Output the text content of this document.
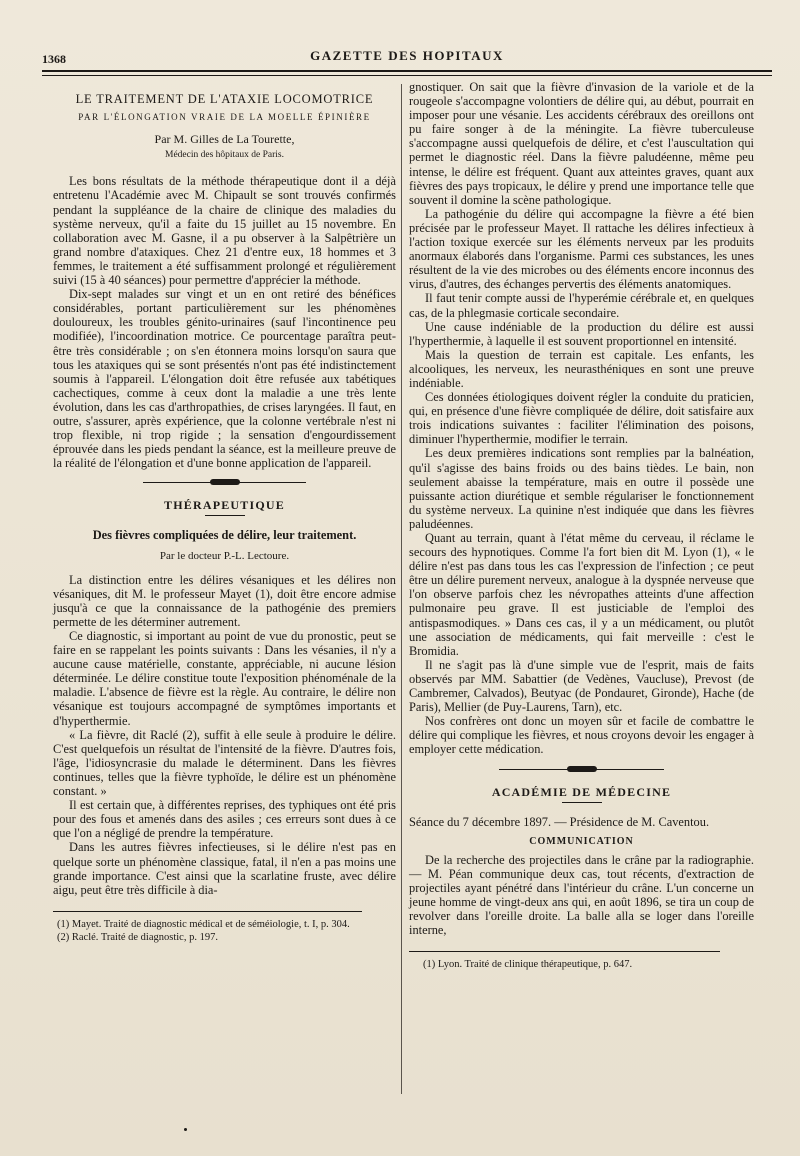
1368	GAZETTE DES HOPITAUX
LE TRAITEMENT DE L'ATAXIE LOCOMOTRICE
PAR L'ÉLONGATION VRAIE DE LA MOELLE ÉPINIÈRE
Par M. Gilles de La Tourette,
Médecin des hôpitaux de Paris.

Les bons résultats de la méthode thérapeutique dont il a déjà entretenu l'Académie avec M. Chipault se sont trouvés confirmés pendant la suppléance de la chaire de clinique des maladies du système nerveux, qu'il a faite du 15 juillet au 15 novembre. En collaboration avec M. Gasne, il a pu observer à la Salpêtrière un grand nombre d'ataxiques. Chez 21 d'entre eux, 18 hommes et 3 femmes, le traitement a été suffisamment prolongé et régulièrement suivi (15 à 40 séances) pour permettre d'apprécier la méthode.

Dix-sept malades sur vingt et un en ont retiré des bénéfices considérables, portant particulièrement sur les phénomènes douloureux, les troubles génito-urinaires (sauf l'incontinence peu modifiée), l'incoordination motrice. Ce pourcentage paraîtra peut-être très considérable ; on s'en étonnera moins lorsqu'on saura que tous les ataxiques qui se sont présentés n'ont pas été indistinctement soumis à l'appareil. L'élongation doit être refusée aux tabétiques cachectiques, comme à ceux dont la maladie a une très lente évolution, dans les cas d'arthropathies, de crises laryngées. Il faut, en outre, s'assurer, après expérience, que la colonne vertébrale n'est ni trop flexible, ni trop rigide ; la sensation d'engourdissement éprouvée dans les pieds pendant la séance, est la meilleure preuve de la réalité de l'élongation et d'une bonne application de l'appareil.

THÉRAPEUTIQUE
Des fièvres compliquées de délire, leur traitement.
Par le docteur P.-L. Lectoure.

La distinction entre les délires vésaniques et les délires non vésaniques, dit M. le professeur Mayet (1), doit être encore admise jusqu'à ce que la connaissance de la pathogénie des premiers permette de les déterminer autrement.

Ce diagnostic, si important au point de vue du pronostic, peut se faire en se rappelant les points suivants : Dans les vésanies, il n'y a aucune cause matérielle, constante, appréciable, ni aucune lésion déterminée. Le délire constitue toute l'exposition phénoménale de la maladie. L'absence de fièvre est la règle. Au contraire, le délire non vésanique est toujours accompagné de symptômes importants et d'hyperthermie.

« La fièvre, dit Raclé (2), suffit à elle seule à produire le délire. C'est quelquefois un résultat de l'intensité de la fièvre. D'autres fois, l'âge, l'idiosyncrasie du malade le déterminent. Dans les fièvres continues, telles que la fièvre typhoïde, le délire est un phénomène constant. »

Il est certain que, à différentes reprises, des typhiques ont été pris pour des fous et amenés dans des asiles ; ces erreurs sont dues à ce que l'on a négligé de prendre la température.

Dans les autres fièvres infectieuses, si le délire n'est pas en quelque sorte un phénomène classique, fatal, il n'en a pas moins une grande importance. C'est ainsi que la scarlatine fruste, avec délire aigu, peut être très difficile à dia-

(1) Mayet. Traité de diagnostic médical et de séméiologie, t. I, p. 304.

(2) Raclé. Traité de diagnostic, p. 197.

gnostiquer. On sait que la fièvre d'invasion de la variole et de la rougeole s'accompagne volontiers de délire qui, au début, pourrait en imposer pour une vésanie. Les accidents cérébraux des oreillons ont pu faire songer à de la méningite. La fièvre tuberculeuse s'accompagne aussi quelquefois de délire, et c'est l'auscultation qui permet le diagnostic réel. Dans la fièvre paludéenne, même peu intense, le délire est fréquent. Quant aux atteintes graves, quant aux fièvres des pays tropicaux, le délire y prend une importance telle que souvent il domine la scène pathologique.

La pathogénie du délire qui accompagne la fièvre a été bien précisée par le professeur Mayet. Il rattache les délires infectieux à l'action toxique exercée sur les éléments nerveux par les produits anormaux élaborés dans l'organisme. Parmi ces substances, les unes résultent de la vie des microbes ou des éléments encore inconnus des virus, d'autres, des échanges pervertis des éléments anatomiques.

Il faut tenir compte aussi de l'hyperémie cérébrale et, en quelques cas, de la phlegmasie corticale secondaire.

Une cause indéniable de la production du délire est aussi l'hyperthermie, à laquelle il est souvent proportionnel en intensité.

Mais la question de terrain est capitale. Les enfants, les alcooliques, les nerveux, les neurasthéniques en sont une preuve indéniable.

Ces données étiologiques doivent régler la conduite du praticien, qui, en présence d'une fièvre compliquée de délire, doit satisfaire aux trois indications suivantes : faciliter l'élimination des poisons, diminuer l'hyperthermie, modifier le terrain.

Les deux premières indications sont remplies par la balnéation, qu'il s'agisse des bains froids ou des bains tièdes. Le bain, non seulement abaisse la température, mais en outre il possède une puissante action diurétique et semble régulariser le fonctionnement du système nerveux. La quinine n'est indiquée que dans les fièvres paludéennes.

Quant au terrain, quant à l'état même du cerveau, il réclame le secours des hypnotiques. Comme l'a fort bien dit M. Lyon (1), « le délire n'est pas dans tous les cas l'expression de l'infection ; ce peut être un délire purement nerveux, analogue à la dyspnée nerveuse que l'on observe parfois chez les névropathes atteints d'une affection pulmonaire peu grave. Il est justiciable de l'emploi des antispasmodiques. » Dans ces cas, il y a un médicament, ou plutôt une association de médicaments, qui fait merveille : c'est le Bromidia.

Il ne s'agit pas là d'une simple vue de l'esprit, mais de faits observés par MM. Sabattier (de Vedènes, Vaucluse), Prevost (de Cambremer, Calvados), Beutyac (de Pondauret, Gironde), Hache (de Paris), Mellier (de Puy-Laurens, Tarn), etc.

Nos confrères ont donc un moyen sûr et facile de combattre le délire qui complique les fièvres, et nous croyons devoir les engager à employer cette médication.

ACADÉMIE DE MÉDECINE

Séance du 7 décembre 1897. — Présidence de M. Caventou.

COMMUNICATION

De la recherche des projectiles dans le crâne par la radiographie. — M. Péan communique deux cas, tout récents, d'extraction de projectiles ayant pénétré dans l'intérieur du crâne. L'un concerne un jeune homme de vingt-deux ans qui, en août 1896, se tira un coup de revolver dans l'oreille droite. La balle alla se loger dans l'oreille interne,

(1) Lyon. Traité de clinique thérapeutique, p. 647.
